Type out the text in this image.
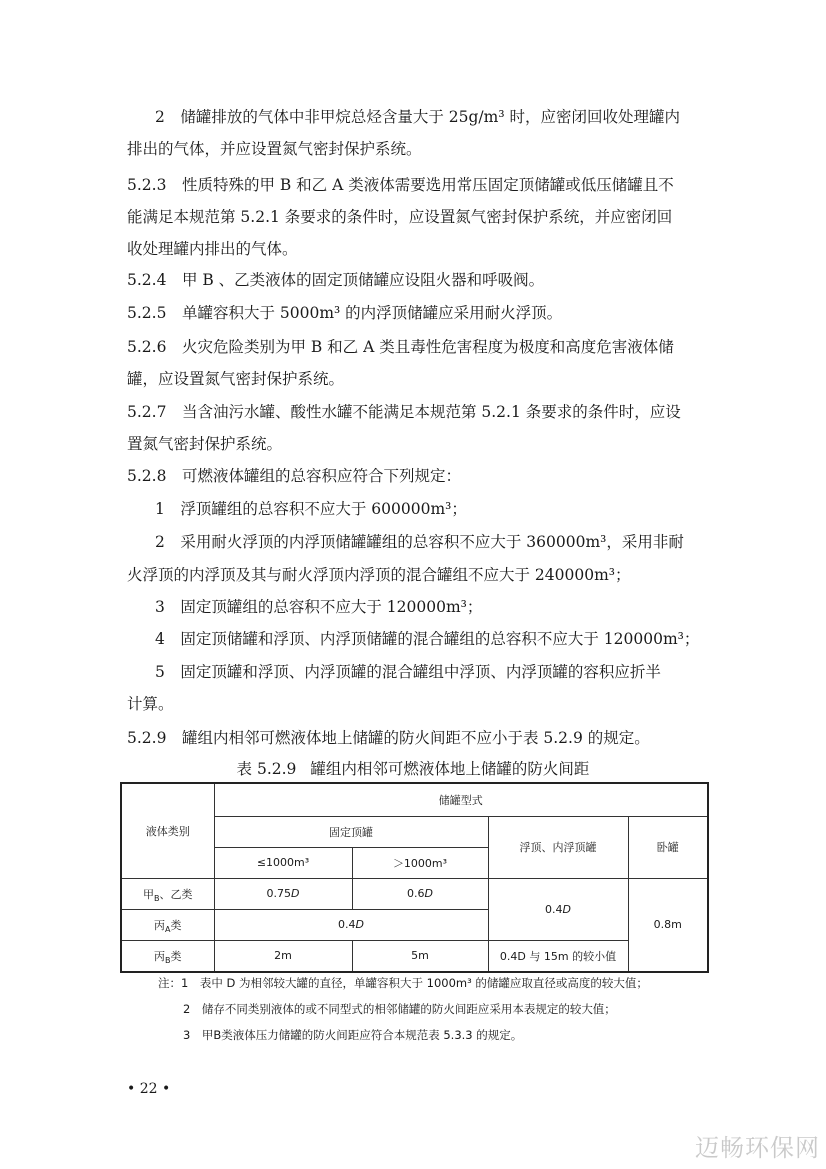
2　储罐排放的气体中非甲烷总烃含量大于 25g/m³ 时，应密闭回收处理罐内
排出的气体，并应设置氮气密封保护系统。
5.2.3　性质特殊的甲 B 和乙 A 类液体需要选用常压固定顶储罐或低压储罐且不
能满足本规范第 5.2.1 条要求的条件时，应设置氮气密封保护系统，并应密闭回
收处理罐内排出的气体。
5.2.4　甲 B 、乙类液体的固定顶储罐应设阻火器和呼吸阀。
5.2.5　单罐容积大于 5000m³ 的内浮顶储罐应采用耐火浮顶。
5.2.6　火灾危险类别为甲 B 和乙 A 类且毒性危害程度为极度和高度危害液体储
罐，应设置氮气密封保护系统。
5.2.7　当含油污水罐、酸性水罐不能满足本规范第 5.2.1 条要求的条件时，应设
置氮气密封保护系统。
5.2.8　可燃液体罐组的总容积应符合下列规定：
1　浮顶罐组的总容积不应大于 600000m³；
2　采用耐火浮顶的内浮顶储罐罐组的总容积不应大于 360000m³，采用非耐
火浮顶的内浮顶及其与耐火浮顶内浮顶的混合罐组不应大于 240000m³；
3　固定顶罐组的总容积不应大于 120000m³；
4　固定顶储罐和浮顶、内浮顶储罐的混合罐组的总容积不应大于 120000m³；
5　固定顶罐和浮顶、内浮顶罐的混合罐组中浮顶、内浮顶罐的容积应折半
计算。
5.2.9　罐组内相邻可燃液体地上储罐的防火间距不应小于表 5.2.9 的规定。
表 5.2.9 罐组内相邻可燃液体地上储罐的防火间距
液体类别	储罐型式			
	固定顶罐		浮顶、内浮顶罐	卧罐
	≤1000m³	＞1000m³		
甲$_B$、乙类	0.75D	0.6D	0.4D	0.8m
丙$_A$类	0.4D			
丙$_B$类	2m	5m	0.4D 与 15m 的较小值	
注：1　表中 D 为相邻较大罐的直径，单罐容积大于 1000m³ 的储罐应取直径或高度的较大值；
2　储存不同类别液体的或不同型式的相邻储罐的防火间距应采用本表规定的较大值；
3　甲B类液体压力储罐的防火间距应符合本规范表 5.3.3 的规定。
• 22 •
迈畅环保网
